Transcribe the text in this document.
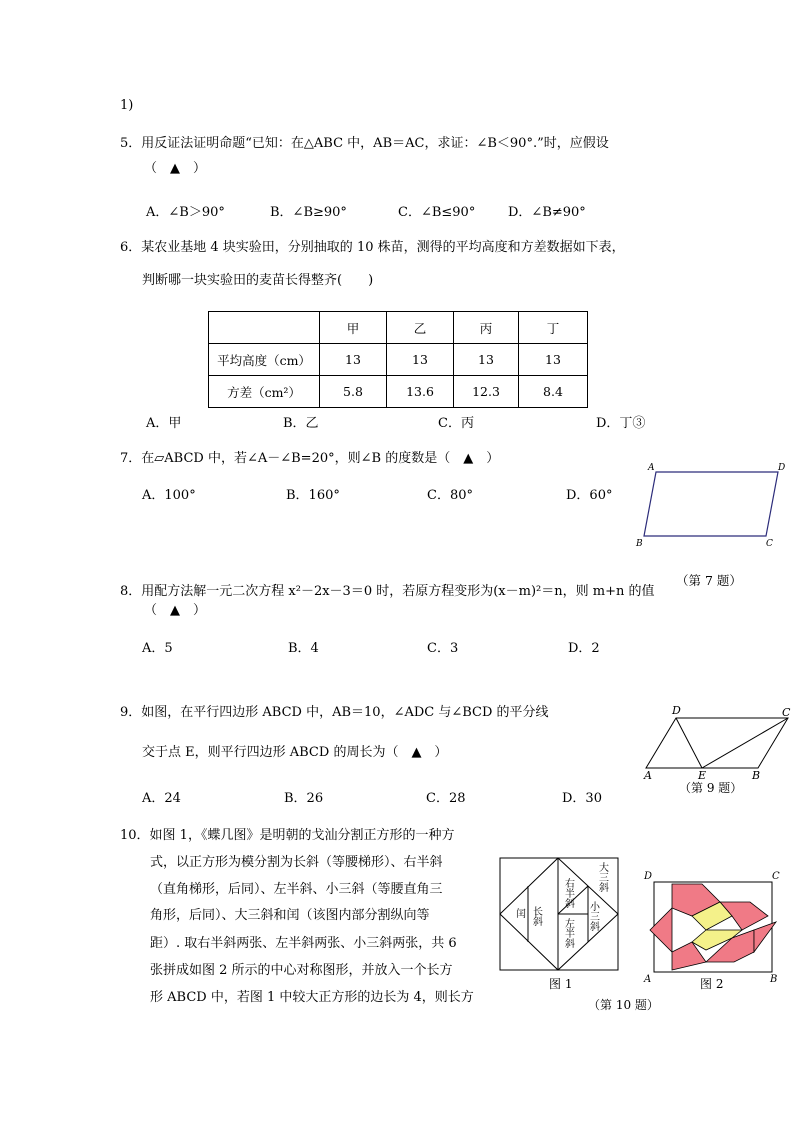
1)
5．用反证法证明命题“已知：在△ABC 中，AB＝AC，求证：∠B＜90°.”时，应假设
（　▲　）
A．∠B＞90°	B．∠B≥90°	C．∠B≤90°	D．∠B≠90°
6．某农业基地 4 块实验田，分别抽取的 10 株苗，测得的平均高度和方差数据如下表，
判断哪一块实验田的麦苗长得整齐(　　)
	甲	乙	丙	丁
平均高度（cm）	13	13	13	13
方差（cm²）	5.8	13.6	12.3	8.4
A．甲	B．乙	C．丙	D．丁③
7．在▱ABCD 中，若∠A－∠B=20°，则∠B 的度数是（　▲　）
A．100°	B．160°	C．80°	D．60°
A	D
B	C
（第 7 题）
8．用配方法解一元二次方程 x²－2x－3＝0 时，若原方程变形为(x－m)²＝n，则 m+n 的值
（　▲　）
A．5	B．4	C．3	D．2
9．如图，在平行四边形 ABCD 中，AB＝10，∠ADC 与∠BCD 的平分线
交于点 E，则平行四边形 ABCD 的周长为（　▲　）
A．24	B．26	C．28	D．30
D	C
A	E	B
（第 9 题）
10．如图 1，《蝶几图》是明朝的戈汕分割正方形的一种方
式，以正方形为模分割为长斜（等腰梯形）、右半斜
（直角梯形，后同）、左半斜、小三斜（等腰直角三
角形，后同）、大三斜和闰（该图内部分割纵向等
距）. 取右半斜两张、左半斜两张、小三斜两张，共 6
张拼成如图 2 所示的中心对称图形，并放入一个长方
形 ABCD 中，若图 1 中较大正方形的边长为 4，则长方
闰 长斜
右半斜
左半斜
小三斜
大三斜
图 1
D	C
A	B
图 2
（第 10 题）
